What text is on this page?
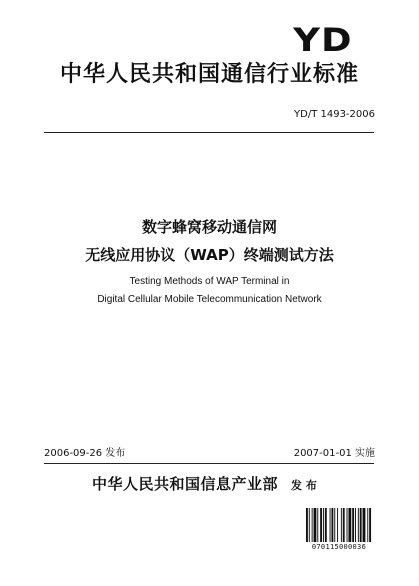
YD
中华人民共和国通信行业标准
YD/T 1493-2006
数字蜂窝移动通信网
无线应用协议（WAP）终端测试方法
Testing Methods of WAP Terminal in
Digital Cellular Mobile Telecommunication Network
2006-09-26 发布	2007-01-01 实施
中华人民共和国信息产业部 发 布
070115000036
